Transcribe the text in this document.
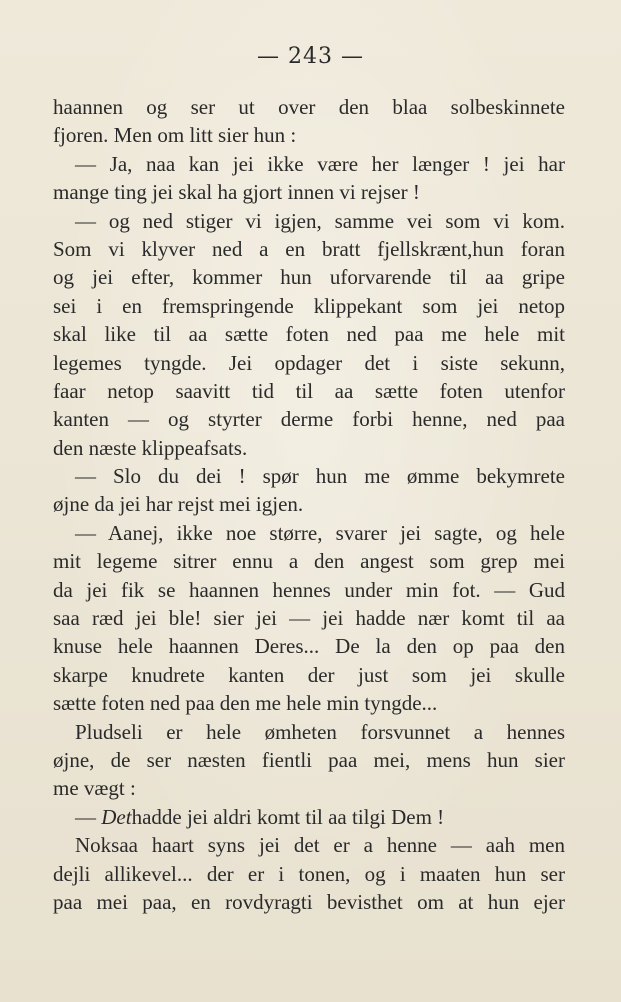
— 243 —
haannen og ser ut over den blaa solbeskinnete
fjoren. Men om litt sier hun :
— Ja, naa kan jei ikke være her længer ! jei har
mange ting jei skal ha gjort innen vi rejser !
— og ned stiger vi igjen, samme vei som vi kom.
Som vi klyver ned a en bratt fjellskrænt,hun foran
og jei efter, kommer hun uforvarende til aa gripe
sei i en fremspringende klippekant som jei netop
skal like til aa sætte foten ned paa me hele mit
legemes tyngde. Jei opdager det i siste sekunn,
faar netop saavitt tid til aa sætte foten utenfor
kanten — og styrter derme forbi henne, ned paa
den næste klippeafsats.
— Slo du dei ! spør hun me ømme bekymrete
øjne da jei har rejst mei igjen.
— Aanej, ikke noe større, svarer jei sagte, og hele
mit legeme sitrer ennu a den angest som grep mei
da jei fik se haannen hennes under min fot. — Gud
saa ræd jei ble! sier jei — jei hadde nær komt til aa
knuse hele haannen Deres... De la den op paa den
skarpe knudrete kanten der just som jei skulle
sætte foten ned paa den me hele min tyngde...
Pludseli er hele ømheten forsvunnet a hennes
øjne, de ser næsten fientli paa mei, mens hun sier
me vægt :
— Dethadde jei aldri komt til aa tilgi Dem !
Noksaa haart syns jei det er a henne — aah men
dejli allikevel... der er i tonen, og i maaten hun ser
paa mei paa, en rovdyragti bevisthet om at hun ejer
